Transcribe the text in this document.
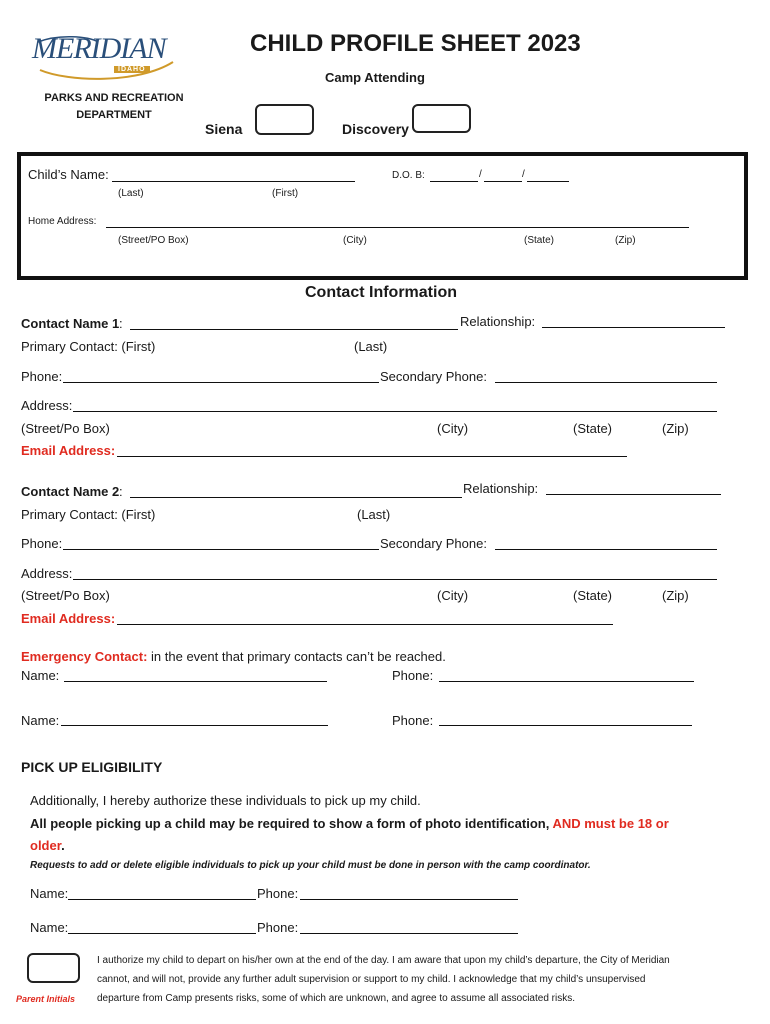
MERIDIAN
IDAHO
CHILD PROFILE SHEET 2023
Camp Attending
PARKS AND RECREATION DEPARTMENT
Siena	Discovery
Child’s Name:
(Last)	(First)
D.O. B:	/	/
Home Address:
(Street/PO Box)	(City)	(State)	(Zip)
Contact Information
Contact Name 1 :	Relationship:
Primary Contact: (First)	(Last)
Phone:	Secondary Phone:
Address:
(Street/Po Box)	(City)	(State)	(Zip)
Email Address:
Contact Name 2 :	Relationship:
Primary Contact: (First)	(Last)
Phone:	Secondary Phone:
Address:
(Street/Po Box)	(City)	(State)	(Zip)
Email Address:
Emergency Contact: in the event that primary contacts can’t be reached.
Name:	Phone:
Name:	Phone:
PICK UP ELIGIBILITY
Additionally, I hereby authorize these individuals to pick up my child.
All people picking up a child may be required to show a form of photo identification, AND must be 18 or
older.
Requests to add or delete eligible individuals to pick up your child must be done in person with the camp coordinator.
Name:	Phone:
Name:	Phone:
Parent Initials
I authorize my child to depart on his/her own at the end of the day. I am aware that upon my child’s departure, the City of Meridian
cannot, and will not, provide any further adult supervision or support to my child. I acknowledge that my child’s unsupervised
departure from Camp presents risks, some of which are unknown, and agree to assume all associated risks.
